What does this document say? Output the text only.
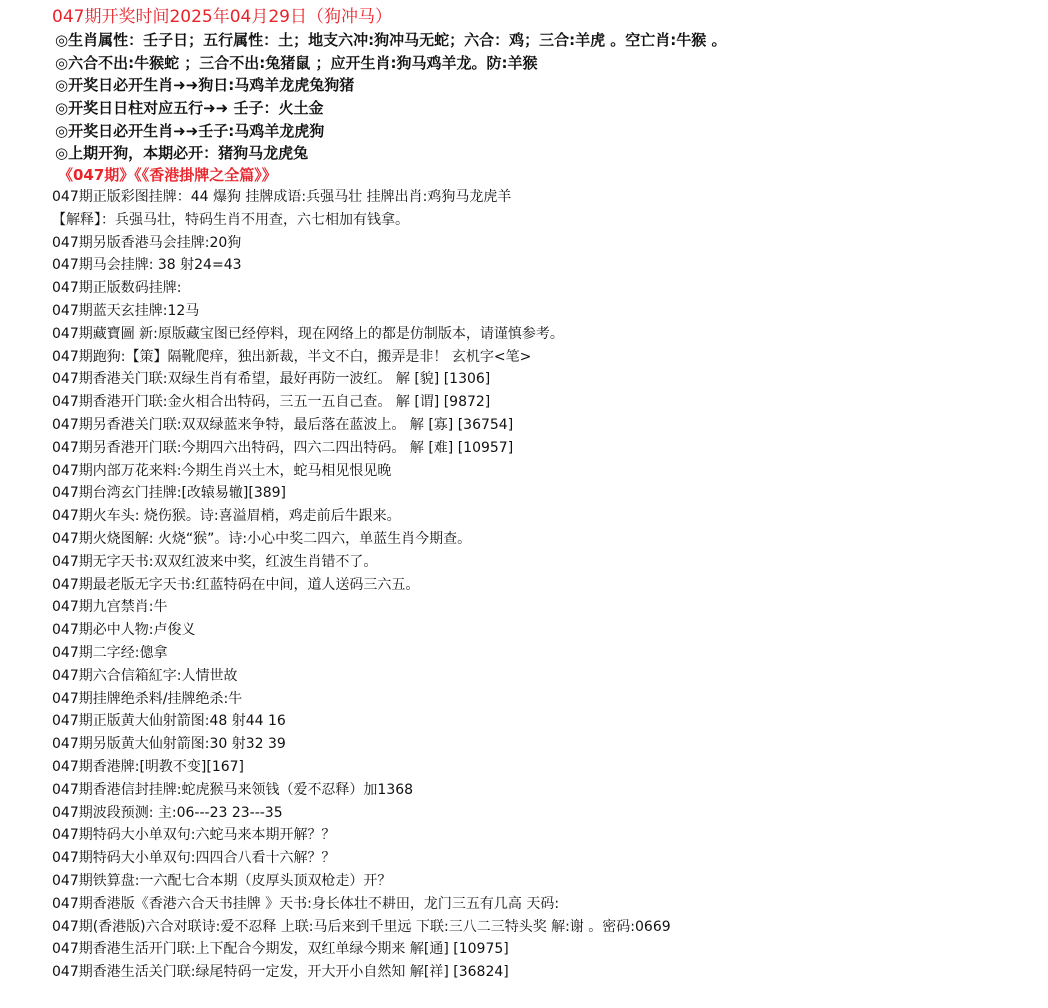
047期开奖时间2025年04月29日（狗冲马）
◎生肖属性：壬子日；五行属性：土；地支六冲:狗冲马无蛇；六合：鸡；三合:羊虎 。空亡肖:牛猴 。
◎六合不出:牛猴蛇 ；三合不出:兔猪鼠 ；应开生肖:狗马鸡羊龙。防:羊猴
◎开奖日必开生肖➜➜狗日:马鸡羊龙虎兔狗猪
◎开奖日日柱对应五行➜➜ 壬子：火土金
◎开奖日必开生肖➜➜壬子:马鸡羊龙虎狗
◎上期开狗，本期必开：猪狗马龙虎兔
《047期》《《香港掛牌之全篇》》
047期正版彩图挂牌：44 爆狗 挂牌成语:兵强马壮 挂牌出肖:鸡狗马龙虎羊
【解释】：兵强马壮，特码生肖不用查，六七相加有钱拿。
047期另版香港马会挂牌:20狗
047期马会挂牌: 38 射24=43
047期正版数码挂牌:
047期蓝天玄挂牌:12马
047期藏寶圖 新:原版藏宝图已经停料，现在网络上的都是仿制版本，请谨慎参考。
047期跑狗:【策】隔靴爬痒，独出新裁，半文不白，搬弄是非！ 玄机字<笔>
047期香港关门联:双绿生肖有希望，最好再防一波红。 解 [貌] [1306]
047期香港开门联:金火相合出特码，三五一五自己查。 解 [谓] [9872]
047期另香港关门联:双双绿蓝来争特，最后落在蓝波上。 解 [寡] [36754]
047期另香港开门联:今期四六出特码，四六二四出特码。 解 [难] [10957]
047期内部万花来料:今期生肖兴土木，蛇马相见恨见晚
047期台湾玄门挂牌:[改辕易辙][389]
047期火车头: 烧伤猴。诗:喜溢眉梢，鸡走前后牛跟来。
047期火烧图解: 火烧“猴”。诗:小心中奖二四六，单蓝生肖今期查。
047期无字天书:双双红波来中奖，红波生肖错不了。
047期最老版无字天书:红蓝特码在中间，道人送码三六五。
047期九宫禁肖:牛
047期必中人物:卢俊义
047期二字经:傯拿
047期六合信箱紅字:人情世故
047期挂牌绝杀料/挂牌绝杀:牛
047期正版黄大仙射箭图:48 射44 16
047期另版黄大仙射箭图:30 射32 39
047期香港牌:[明教不变][167]
047期香港信封挂牌:蛇虎猴马来领钱（爱不忍释）加1368
047期波段预测: 主:06---23 23---35
047期特码大小单双句:六蛇马来本期开解？？
047期特码大小单双句:四四合八看十六解？？
047期铁算盘:一六配七合本期（皮厚头顶双枪走）开？
047期香港版《香港六合天书挂牌 》天书:身长体壮不耕田，龙门三五有几高 天码:
047期(香港版)六合对联诗:爱不忍释 上联:马后来到千里远 下联:三八二三特头奖 解:谢 。密码:0669
047期香港生活开门联:上下配合今期发，双红单绿今期来 解[通] [10975]
047期香港生活关门联:绿尾特码一定发，开大开小自然知 解[祥] [36824]
